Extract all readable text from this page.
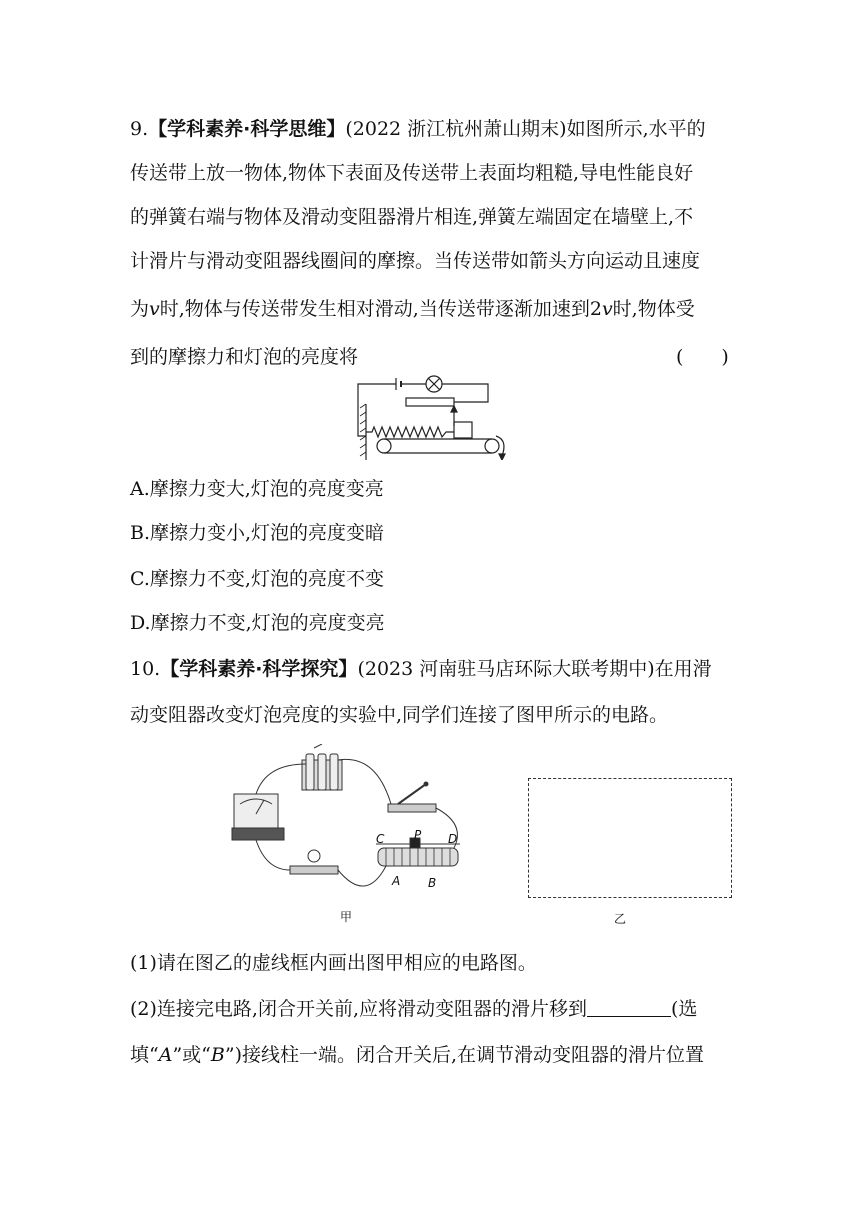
9.【学科素养·科学思维】(2022 浙江杭州萧山期末)如图所示,水平的
传送带上放一物体,物体下表面及传送带上表面均粗糙,导电性能良好
的弹簧右端与物体及滑动变阻器滑片相连,弹簧左端固定在墙壁上,不
计滑片与滑动变阻器线圈间的摩擦。当传送带如箭头方向运动且速度
为v时,物体与传送带发生相对滑动,当传送带逐渐加速到2v时,物体受
到的摩擦力和灯泡的亮度将	(　　)
A.摩擦力变大,灯泡的亮度变亮
B.摩擦力变小,灯泡的亮度变暗
C.摩擦力不变,灯泡的亮度不变
D.摩擦力不变,灯泡的亮度变亮
10.【学科素养·科学探究】(2023 河南驻马店环际大联考期中)在用滑
动变阻器改变灯泡亮度的实验中,同学们连接了图甲所示的电路。
C P D
A B
甲	乙
(1)请在图乙的虚线框内画出图甲相应的电路图。
(2)连接完电路,闭合开关前,应将滑动变阻器的滑片移到	(选
填“A”或“B”)接线柱一端。闭合开关后,在调节滑动变阻器的滑片位置
